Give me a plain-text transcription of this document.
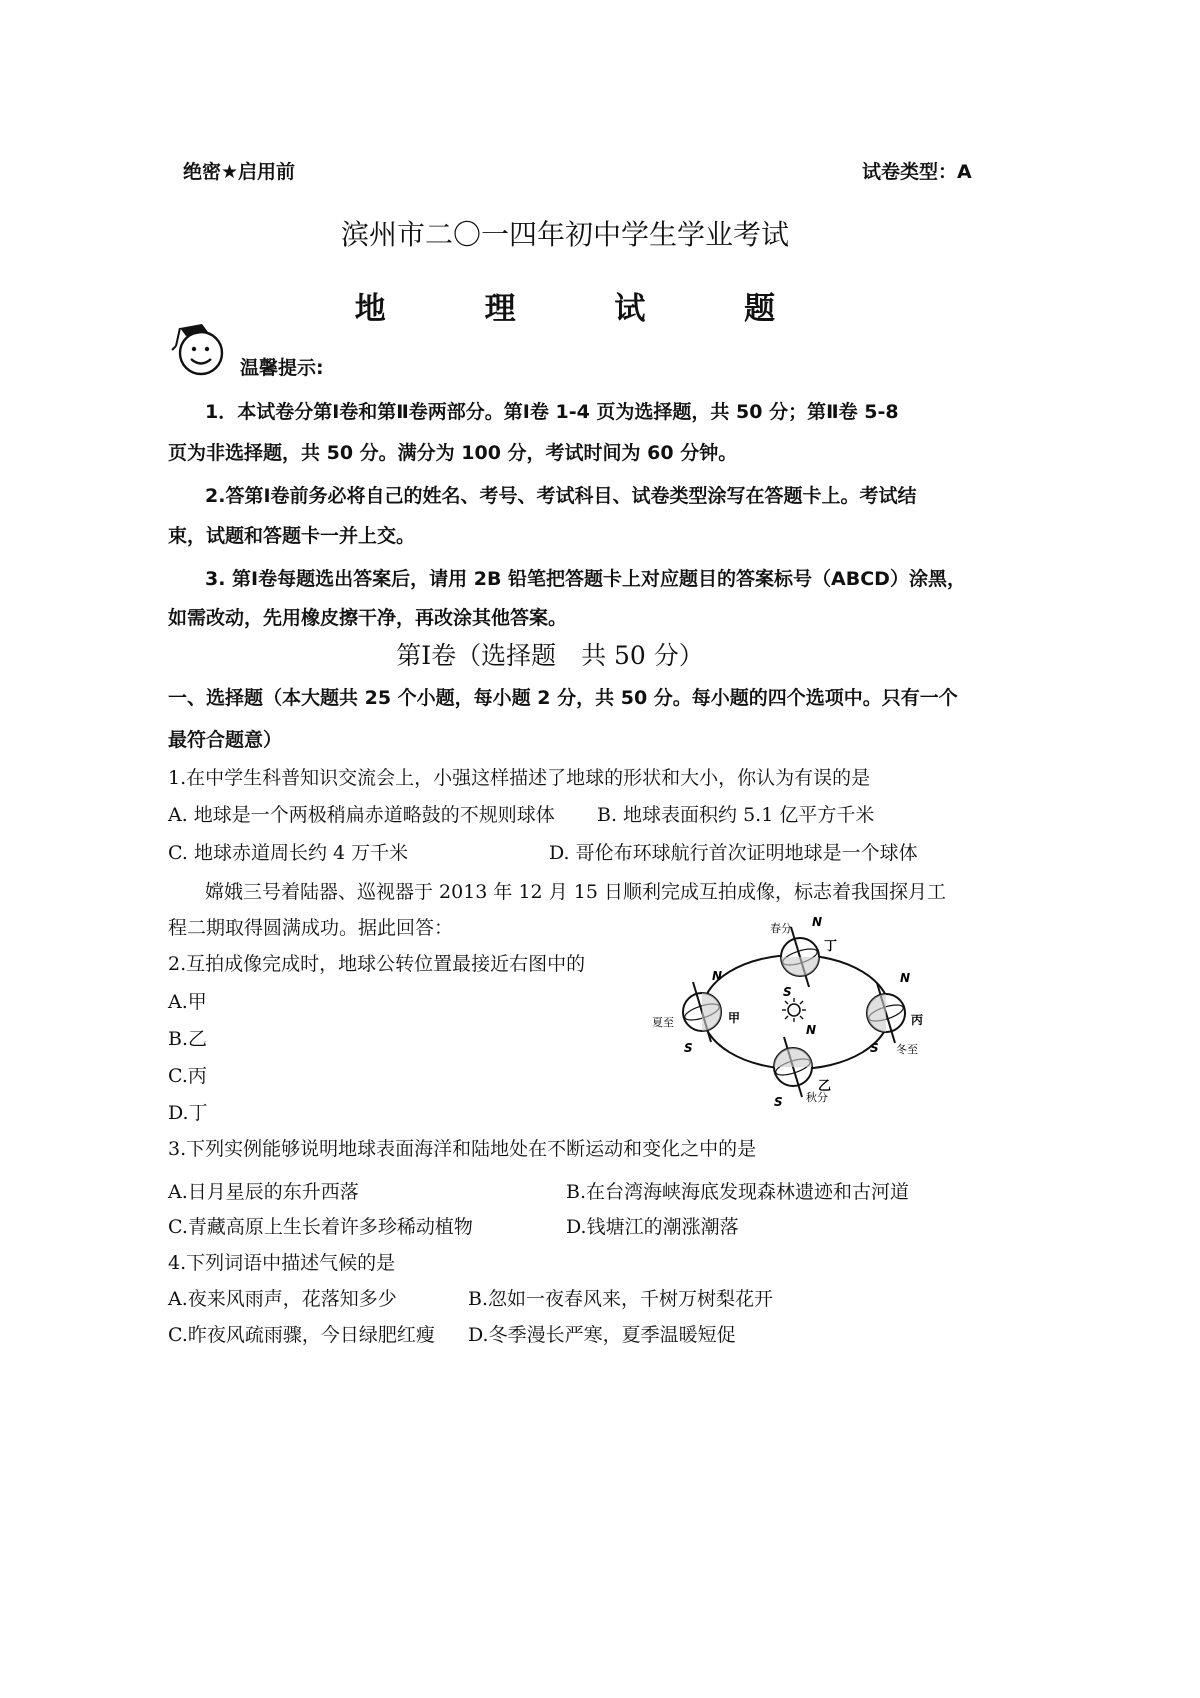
绝密★启用前	试卷类型：A
滨州市二〇一四年初中学生学业考试
地 理 试 题
温馨提示:
1．本试卷分第Ⅰ卷和第Ⅱ卷两部分。第Ⅰ卷 1-4 页为选择题，共 50 分；第Ⅱ卷 5-8
页为非选择题，共 50 分。满分为 100 分，考试时间为 60 分钟。
2.答第Ⅰ卷前务必将自己的姓名、考号、考试科目、试卷类型涂写在答题卡上。考试结
束，试题和答题卡一并上交。
3. 第Ⅰ卷每题选出答案后，请用 2B 铅笔把答题卡上对应题目的答案标号（ABCD）涂黑，
如需改动，先用橡皮擦干净，再改涂其他答案。
第Ⅰ卷（选择题　共 50 分）
一、选择题（本大题共 25 个小题，每小题 2 分，共 50 分。每小题的四个选项中。只有一个
最符合题意）
1.在中学生科普知识交流会上，小强这样描述了地球的形状和大小，你认为有误的是
A. 地球是一个两极稍扁赤道略鼓的不规则球体 B. 地球表面积约 5.1 亿平方千米
C. 地球赤道周长约 4 万千米	D. 哥伦布环球航行首次证明地球是一个球体
嫦娥三号着陆器、巡视器于 2013 年 12 月 15 日顺利完成互拍成像，标志着我国探月工
程二期取得圆满成功。据此回答：
2.互拍成像完成时，地球公转位置最接近右图中的
A.甲
B.乙
C.丙
D.丁
春分
夏至
秋分
冬至
甲
乙
丙
丁
N
S
N
S
N
S
N
S
3.下列实例能够说明地球表面海洋和陆地处在不断运动和变化之中的是
A.日月星辰的东升西落	B.在台湾海峡海底发现森林遗迹和古河道
C.青藏高原上生长着许多珍稀动植物	D.钱塘江的潮涨潮落
4.下列词语中描述气候的是
A.夜来风雨声，花落知多少	B.忽如一夜春风来，千树万树梨花开
C.昨夜风疏雨骤，今日绿肥红瘦 D.冬季漫长严寒，夏季温暖短促
